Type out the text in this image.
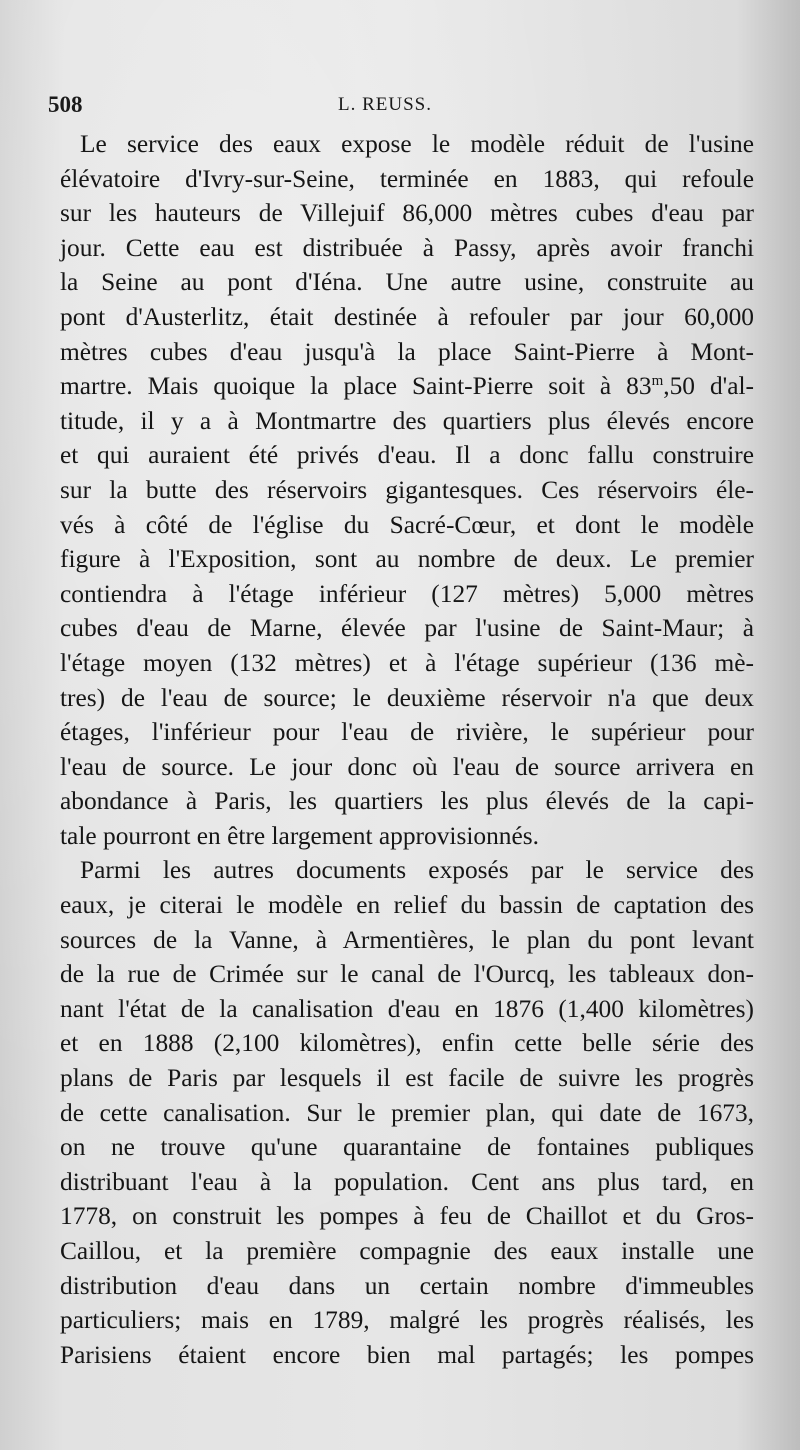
508	L. REUSS.
Le service des eaux expose le modèle réduit de l'usine
élévatoire d'Ivry-sur-Seine, terminée en 1883, qui refoule
sur les hauteurs de Villejuif 86,000 mètres cubes d'eau par
jour. Cette eau est distribuée à Passy, après avoir franchi
la Seine au pont d'Iéna. Une autre usine, construite au
pont d'Austerlitz, était destinée à refouler par jour 60,000
mètres cubes d'eau jusqu'à la place Saint-Pierre à Mont-
martre. Mais quoique la place Saint-Pierre soit à 83$^m$,50 d'al-
titude, il y a à Montmartre des quartiers plus élevés encore
et qui auraient été privés d'eau. Il a donc fallu construire
sur la butte des réservoirs gigantesques. Ces réservoirs éle-
vés à côté de l'église du Sacré-Cœur, et dont le modèle
figure à l'Exposition, sont au nombre de deux. Le premier
contiendra à l'étage inférieur (127 mètres) 5,000 mètres
cubes d'eau de Marne, élevée par l'usine de Saint-Maur; à
l'étage moyen (132 mètres) et à l'étage supérieur (136 mè-
tres) de l'eau de source; le deuxième réservoir n'a que deux
étages, l'inférieur pour l'eau de rivière, le supérieur pour
l'eau de source. Le jour donc où l'eau de source arrivera en
abondance à Paris, les quartiers les plus élevés de la capi-
tale pourront en être largement approvisionnés.
Parmi les autres documents exposés par le service des
eaux, je citerai le modèle en relief du bassin de captation des
sources de la Vanne, à Armentières, le plan du pont levant
de la rue de Crimée sur le canal de l'Ourcq, les tableaux don-
nant l'état de la canalisation d'eau en 1876 (1,400 kilomètres)
et en 1888 (2,100 kilomètres), enfin cette belle série des
plans de Paris par lesquels il est facile de suivre les progrès
de cette canalisation. Sur le premier plan, qui date de 1673,
on ne trouve qu'une quarantaine de fontaines publiques
distribuant l'eau à la population. Cent ans plus tard, en
1778, on construit les pompes à feu de Chaillot et du Gros-
Caillou, et la première compagnie des eaux installe une
distribution d'eau dans un certain nombre d'immeubles
particuliers; mais en 1789, malgré les progrès réalisés, les
Parisiens étaient encore bien mal partagés; les pompes
